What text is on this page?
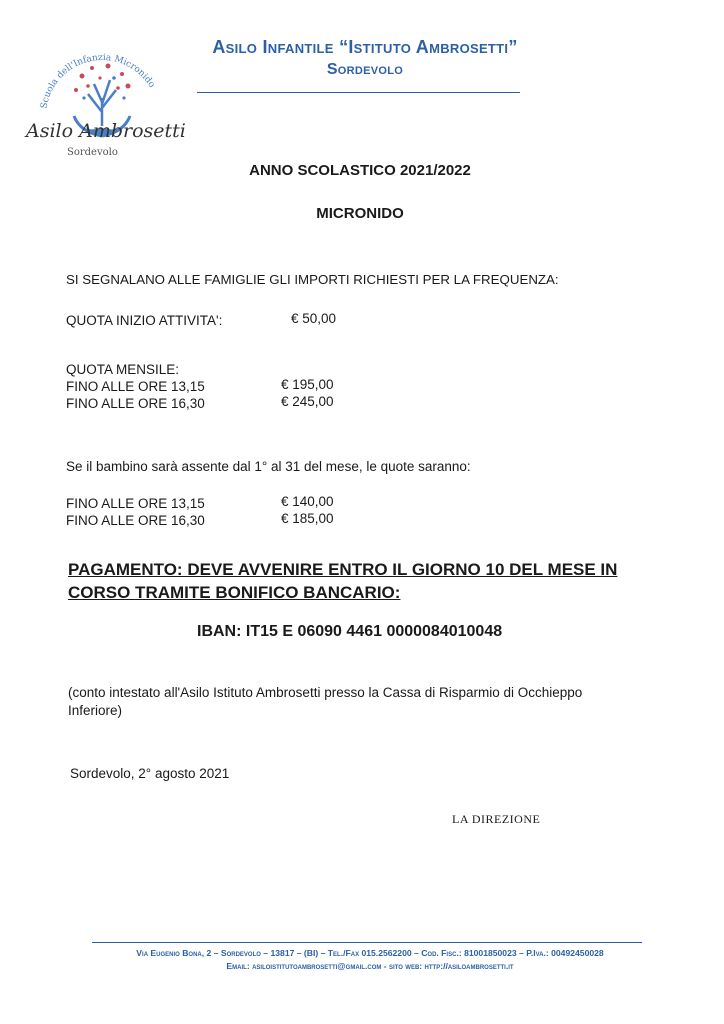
Scuola dell'Infanzia Micronido
Asilo Ambrosetti
Sordevolo
Asilo Infantile “Istituto Ambrosetti”
Sordevolo
ANNO SCOLASTICO 2021/2022
MICRONIDO
SI SEGNALANO ALLE FAMIGLIE GLI IMPORTI RICHIESTI PER LA FREQUENZA:
QUOTA INIZIO ATTIVITA':	€ 50,00
QUOTA MENSILE:
FINO ALLE ORE 13,15	€ 195,00
FINO ALLE ORE 16,30	€ 245,00
Se il bambino sarà assente dal 1° al 31 del mese, le quote saranno:
FINO ALLE ORE 13,15	€ 140,00
FINO ALLE ORE 16,30	€ 185,00
PAGAMENTO: DEVE AVVENIRE ENTRO IL GIORNO 10 DEL MESE IN
CORSO TRAMITE BONIFICO BANCARIO:
IBAN: IT15 E 06090 4461 0000084010048
(conto intestato all'Asilo Istituto Ambrosetti presso la Cassa di Risparmio di Occhieppo
Inferiore)
Sordevolo, 2° agosto 2021
LA DIREZIONE
Via Eugenio Bona, 2 – Sordevolo – 13817 – (BI) – Tel./Fax 015.2562200 – Cod. Fisc.: 81001850023 – P.Iva.: 00492450028
Email: asiloistitutoambrosetti@gmail.com - sito web: http://asiloambrosetti.it
